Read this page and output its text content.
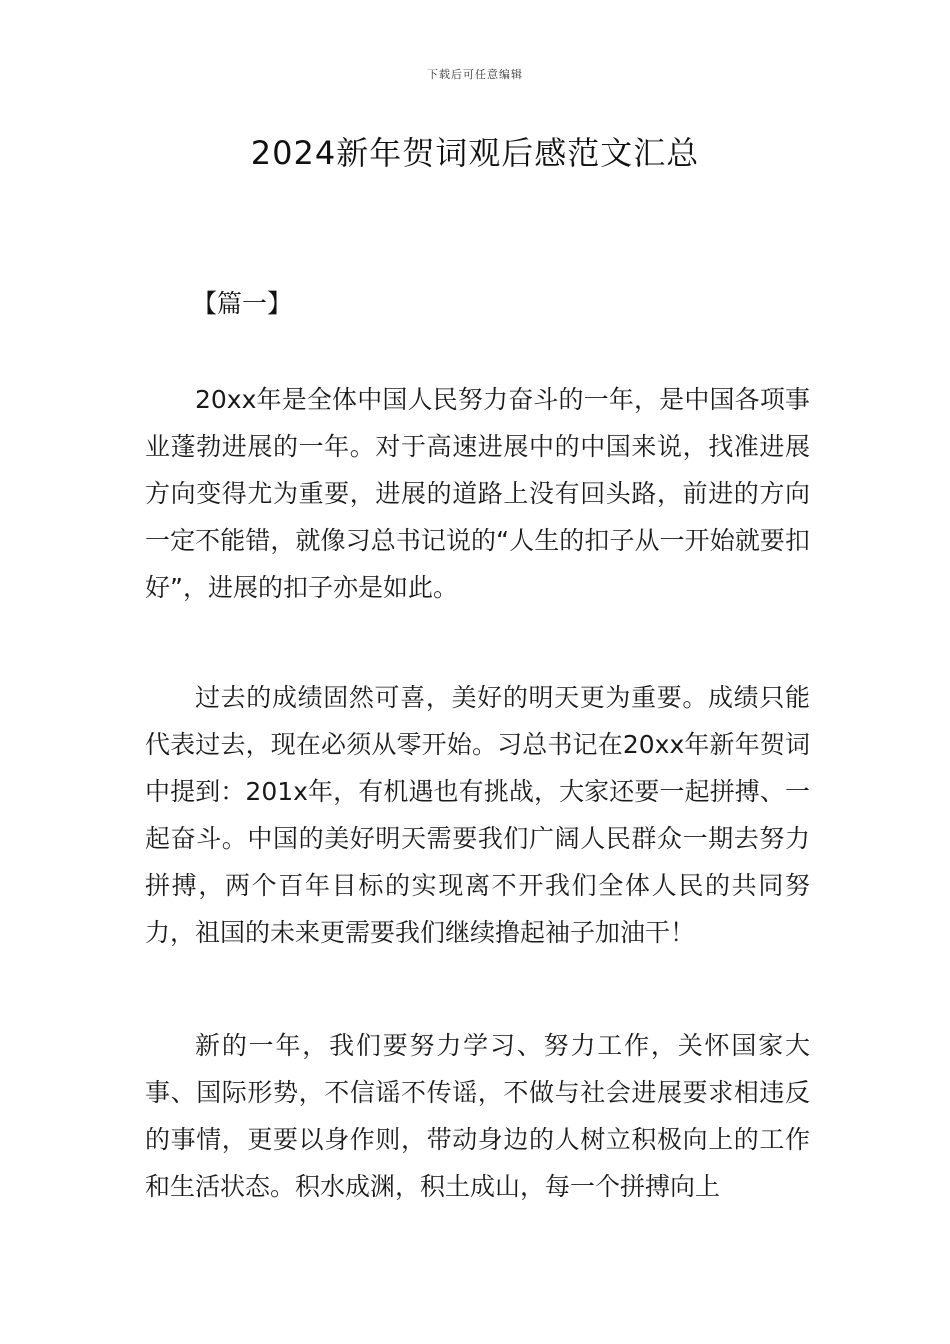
下载后可任意编辑
2024新年贺词观后感范文汇总
【篇一】

20xx年是全体中国人民努力奋斗的一年，是中国各项事业蓬勃进展的一年。对于高速进展中的中国来说，找准进展方向变得尤为重要，进展的道路上没有回头路，前进的方向一定不能错，就像习总书记说的“人生的扣子从一开始就要扣好”，进展的扣子亦是如此。

过去的成绩固然可喜，美好的明天更为重要。成绩只能代表过去，现在必须从零开始。习总书记在20xx年新年贺词中提到：201x年，有机遇也有挑战，大家还要一起拼搏、一起奋斗。中国的美好明天需要我们广阔人民群众一期去努力拼搏，两个百年目标的实现离不开我们全体人民的共同努力，祖国的未来更需要我们继续撸起袖子加油干！

新的一年，我们要努力学习、努力工作，关怀国家大事、国际形势，不信谣不传谣，不做与社会进展要求相违反的事情，更要以身作则，带动身边的人树立积极向上的工作和生活状态。积水成渊，积土成山，每一个拼搏向上
